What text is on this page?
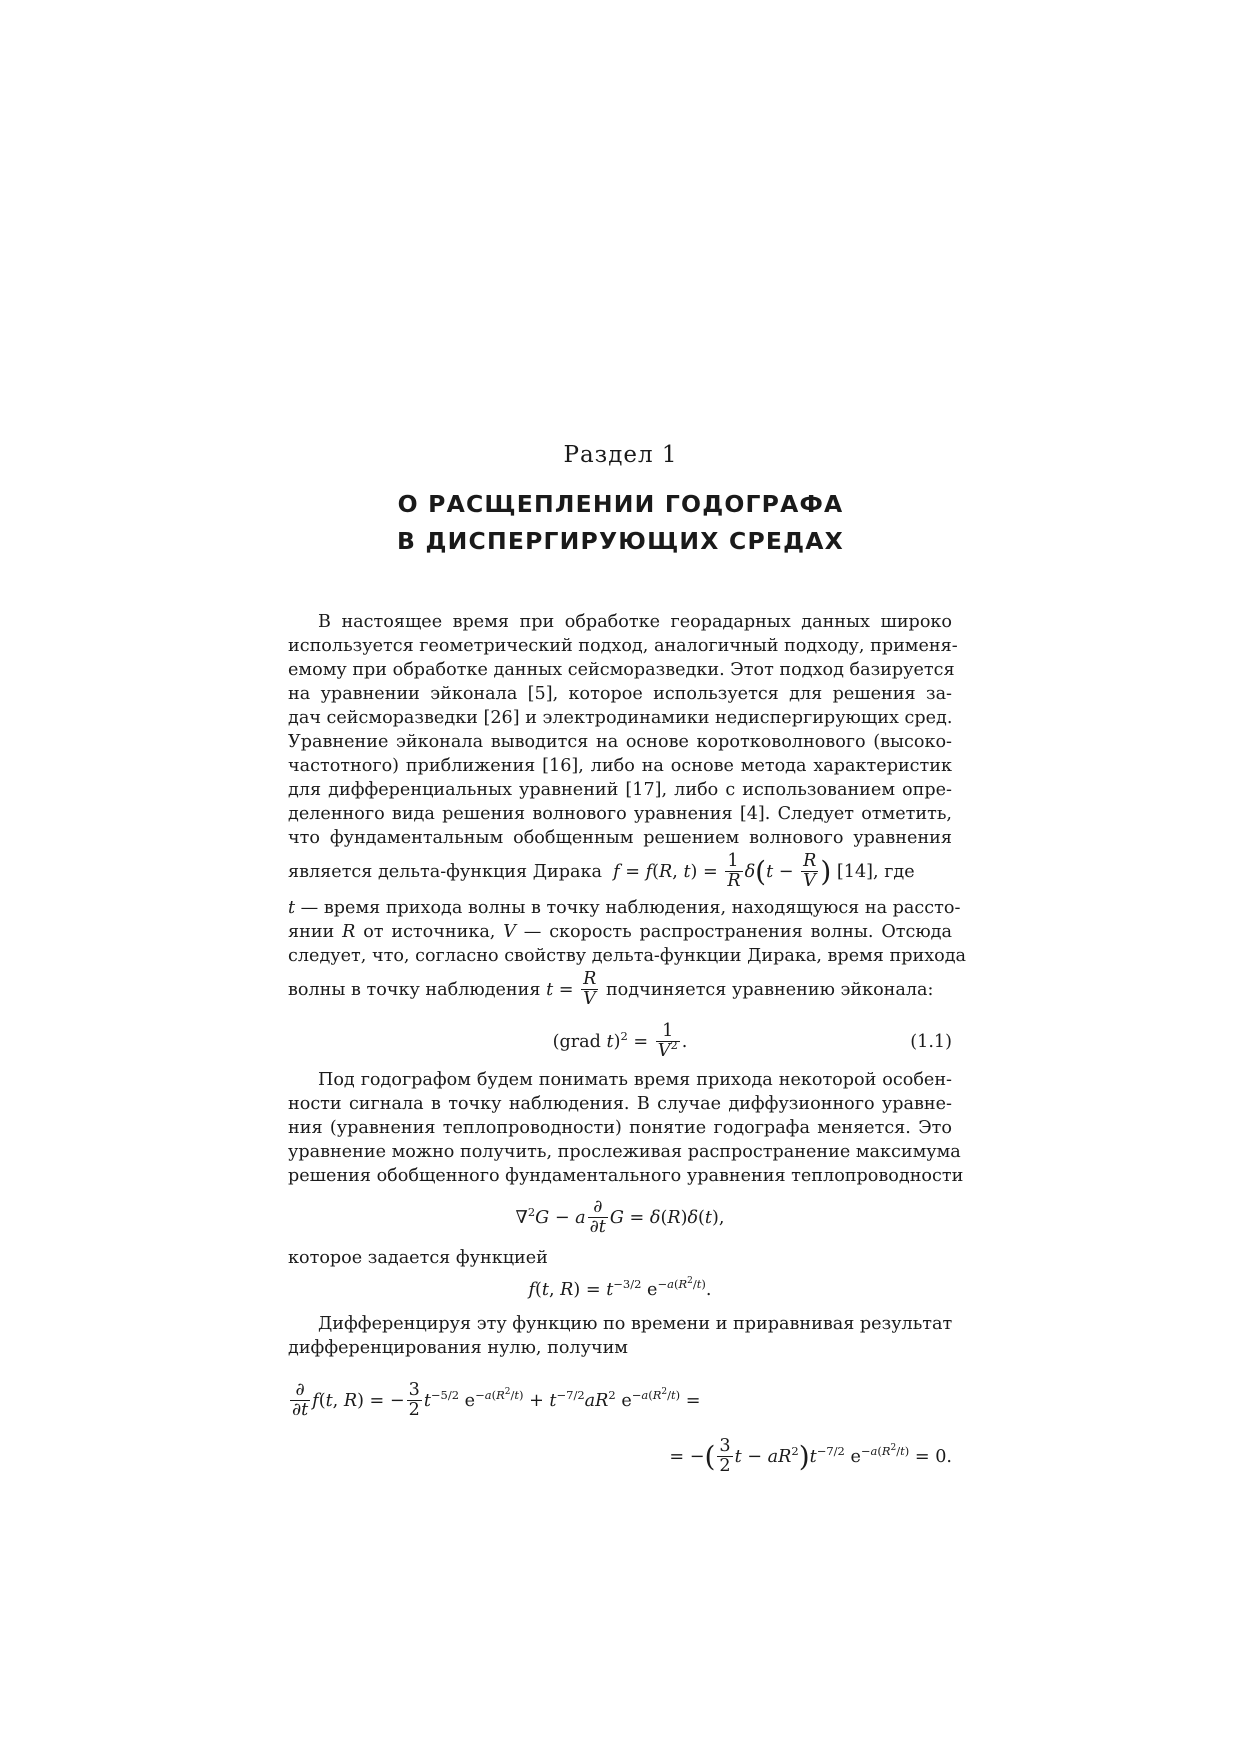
Раздел 1
О РАСЩЕПЛЕНИИ ГОДОГРАФА
В ДИСПЕРГИРУЮЩИХ СРЕДАХ
В настоящее время при обработке георадарных данных широко
используется геометрический подход, аналогичный подходу, применя-
емому при обработке данных сейсморазведки. Этот подход базируется
на уравнении эйконала [5], которое используется для решения за-
дач сейсморазведки [26] и электродинамики недиспергирующих сред.
Уравнение эйконала выводится на основе коротковолнового (высоко-
частотного) приближения [16], либо на основе метода характеристик
для дифференциальных уравнений [17], либо с использованием опре-
деленного вида решения волнового уравнения [4]. Следует отметить,
что фундаментальным обобщенным решением волнового уравнения
является дельта-функция Дирака  f = f(R, $t) = \frac{1}{R} \delta(t - \frac{R}{V}$ ) [14], где
t — время прихода волны в точку наблюдения, находящуюся на рассто-
янии R от источника, V — скорость распространения волны. Отсюда
следует, что, согласно свойству дельта-функции Дирака, время прихода
волны в точку наблюдения $t = \frac{R}{V}$ подчиняется уравнению эйконала:
(grad $t)^2 = \frac{1}{V^2}$ .	(1.1)
Под годографом будем понимать время прихода некоторой особен-
ности сигнала в точку наблюдения. В случае диффузионного уравне-
ния (уравнения теплопроводности) понятие годографа меняется. Это
уравнение можно получить, прослеживая распространение максимума
решения обобщенного фундаментального уравнения теплопроводности
∇$^2$G − a $\frac{\partial}{\partial t}$ G = δ(R)δ(t),
которое задается функцией
f(t, $R) = t^{-3/2}$ $e^{-a(R^2/t)}$.
Дифференцируя эту функцию по времени и приравнивая результат
дифференцирования нулю, получим
$\frac{\partial}{\partial t} f(t$, R) = − $\frac{3}{2} t^{-5/2}$ $e^{-a(R^2/t)} + t^{-7/2}aR^2$ $e^{-a(R^2/t)}$ =
= −( $\frac{3}{2}$ $t - aR^2)t^{-7/2}$ $e^{-a(R^2/t)} = 0$.
